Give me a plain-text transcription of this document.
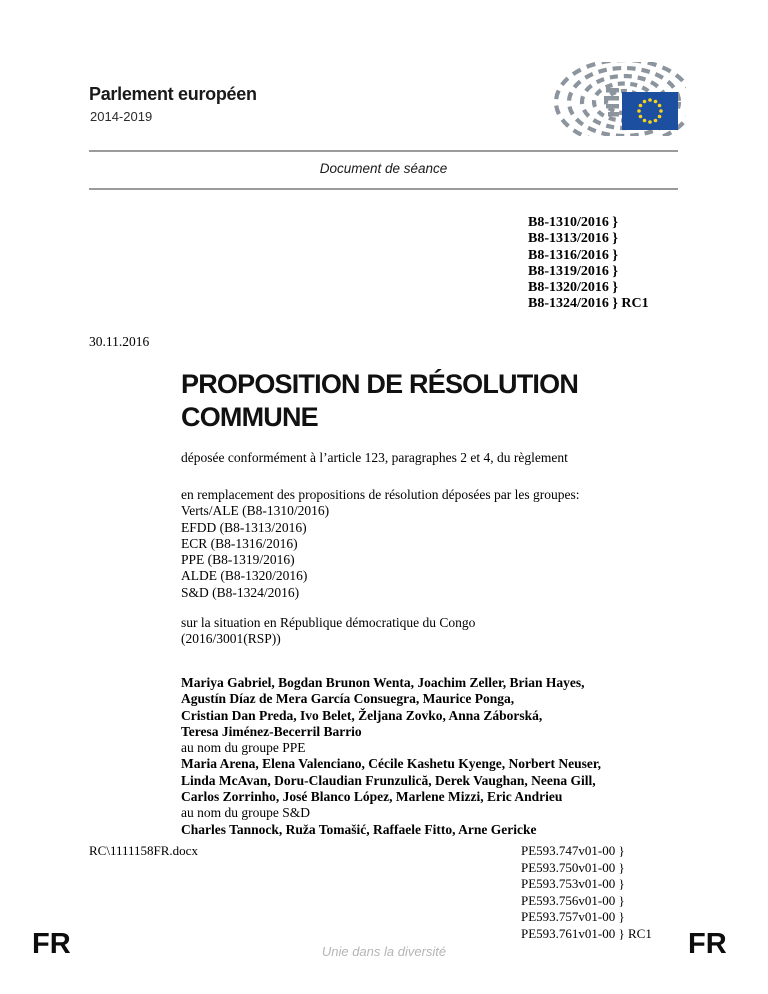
Parlement européen
2014-2019
Document de séance
B8-1310/2016 }
B8-1313/2016 }
B8-1316/2016 }
B8-1319/2016 }
B8-1320/2016 }
B8-1324/2016 } RC1
30.11.2016
PROPOSITION DE RÉSOLUTION
COMMUNE
déposée conformément à l’article 123, paragraphes 2 et 4, du règlement
en remplacement des propositions de résolution déposées par les groupes:
Verts/ALE (B8-1310/2016)
EFDD (B8-1313/2016)
ECR (B8-1316/2016)
PPE (B8-1319/2016)
ALDE (B8-1320/2016)
S&D (B8-1324/2016)
sur la situation en République démocratique du Congo
(2016/3001(RSP))
Mariya Gabriel, Bogdan Brunon Wenta, Joachim Zeller, Brian Hayes,
Agustín Díaz de Mera García Consuegra, Maurice Ponga,
Cristian Dan Preda, Ivo Belet, Željana Zovko, Anna Záborská,
Teresa Jiménez-Becerril Barrio
au nom du groupe PPE
Maria Arena, Elena Valenciano, Cécile Kashetu Kyenge, Norbert Neuser,
Linda McAvan, Doru-Claudian Frunzulică, Derek Vaughan, Neena Gill,
Carlos Zorrinho, José Blanco López, Marlene Mizzi, Eric Andrieu
au nom du groupe S&D
Charles Tannock, Ruža Tomašić, Raffaele Fitto, Arne Gericke
RC\1111158FR.docx	PE593.747v01-00 }
PE593.750v01-00 }
PE593.753v01-00 }
PE593.756v01-00 }
PE593.757v01-00 }
PE593.761v01-00 } RC1
FR	FR
Unie dans la diversité
